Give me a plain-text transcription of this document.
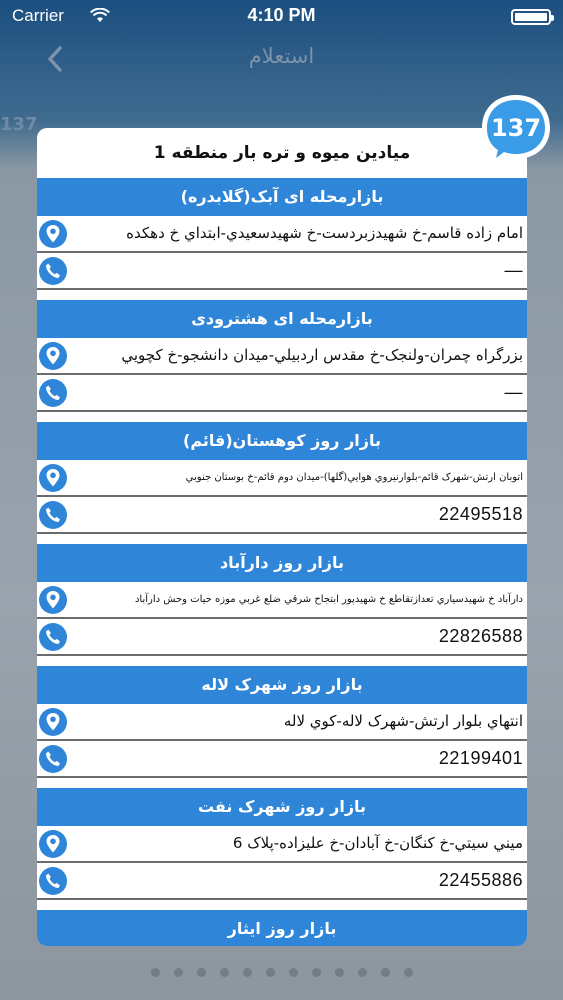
Carrier	4:10 PM
استعلام
137	137
میادین میوه و تره بار منطقه 1
بازارمحله ای آبک(گلابدره)
امام زاده قاسم-خ شهيدزبردست-خ شهيدسعيدي-ابتداي خ دهكده
—
بازارمحله ای هشترودی
بزرگراه چمران-ولنجک-خ مقدس اردبيلي-ميدان دانشجو-خ كچويي
—
بازار روز کوهستان(قائم)
اتوبان ارتش-شهرک قائم-بلوارنيروي هوايي(گلها)-ميدان دوم قائم-خ بوستان جنوبي
22495518
بازار روز دارآباد
دارآباد خ شهيدسياري تعدازتقاطع خ شهيدپور ابتجاح شرقي ضلع غربي موزه حيات وحش دارآباد
22826588
بازار روز شهرک لاله
انتهاي بلوار ارتش-شهرک لاله-كوي لاله
22199401
بازار روز شهرک نفت
ميني سيتي-خ كنگان-خ آبادان-خ عليزاده-پلاک 6
22455886
بازار روز ایثار
